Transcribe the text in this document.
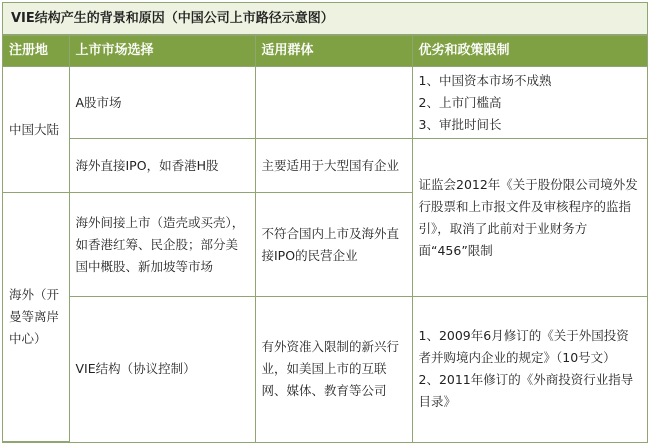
VIE结构产生的背景和原因（中国公司上市路径示意图）
注册地	上市市场选择	适用群体	优劣和政策限制
中国大陆	A股市场		1、中国资本市场不成熟
2、上市门槛高
3、审批时间长

	海外直接IPO，如香港H股	主要适用于大型国有企业	证监会2012年《关于股份限公司境外发行股票和上市报文件及审核程序的监指引》，取消了此前对于业财务方面“456”限制
海外（开曼等离岸中心）	海外间接上市（造壳或买壳），如香港红筹、民企股；部分美国中概股、新加坡等市场	不符合国内上市及海外直接IPO的民营企业	
	VIE结构（协议控制）	有外资准入限制的新兴行业，如美国上市的互联网、媒体、教育等公司	1、2009年6月修订的《关于外国投资者并购境内企业的规定》（10号文）
2、2011年修订的《外商投资行业指导目录》
